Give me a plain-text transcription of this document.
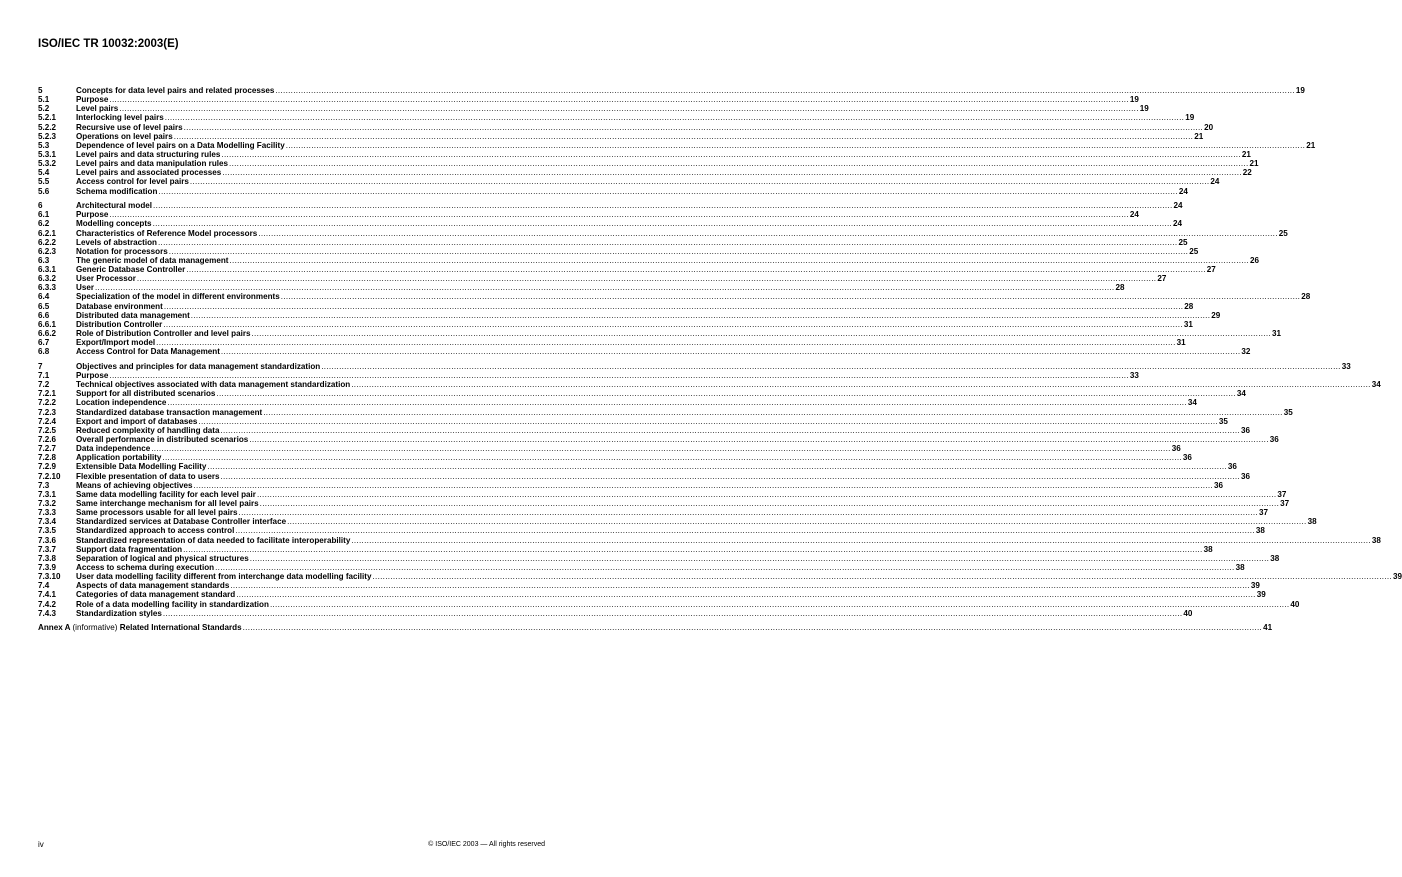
ISO/IEC TR 10032:2003(E)
5	Concepts for data level pairs and related processes ................................................................................................................................................................................................................................................................................................................................................................................................................ 19
5.1	Purpose ................................................................................................................................................................................................................................................................................................................................................................................................................ 19
5.2	Level pairs ................................................................................................................................................................................................................................................................................................................................................................................................................ 19
5.2.1	Interlocking level pairs ................................................................................................................................................................................................................................................................................................................................................................................................................ 19
5.2.2	Recursive use of level pairs ................................................................................................................................................................................................................................................................................................................................................................................................................ 20
5.2.3	Operations on level pairs ................................................................................................................................................................................................................................................................................................................................................................................................................ 21
5.3	Dependence of level pairs on a Data Modelling Facility ................................................................................................................................................................................................................................................................................................................................................................................................................ 21
5.3.1	Level pairs and data structuring rules ................................................................................................................................................................................................................................................................................................................................................................................................................ 21
5.3.2	Level pairs and data manipulation rules ................................................................................................................................................................................................................................................................................................................................................................................................................ 21
5.4	Level pairs and associated processes ................................................................................................................................................................................................................................................................................................................................................................................................................ 22
5.5	Access control for level pairs ................................................................................................................................................................................................................................................................................................................................................................................................................ 24
5.6	Schema modification ................................................................................................................................................................................................................................................................................................................................................................................................................ 24
6	Architectural model ................................................................................................................................................................................................................................................................................................................................................................................................................ 24
6.1	Purpose ................................................................................................................................................................................................................................................................................................................................................................................................................ 24
6.2	Modelling concepts ................................................................................................................................................................................................................................................................................................................................................................................................................ 24
6.2.1	Characteristics of Reference Model processors ................................................................................................................................................................................................................................................................................................................................................................................................................ 25
6.2.2	Levels of abstraction ................................................................................................................................................................................................................................................................................................................................................................................................................ 25
6.2.3	Notation for processors ................................................................................................................................................................................................................................................................................................................................................................................................................ 25
6.3	The generic model of data management ................................................................................................................................................................................................................................................................................................................................................................................................................ 26
6.3.1	Generic Database Controller ................................................................................................................................................................................................................................................................................................................................................................................................................ 27
6.3.2	User Processor ................................................................................................................................................................................................................................................................................................................................................................................................................ 27
6.3.3	User ................................................................................................................................................................................................................................................................................................................................................................................................................ 28
6.4	Specialization of the model in different environments ................................................................................................................................................................................................................................................................................................................................................................................................................ 28
6.5	Database environment ................................................................................................................................................................................................................................................................................................................................................................................................................ 28
6.6	Distributed data management ................................................................................................................................................................................................................................................................................................................................................................................................................ 29
6.6.1	Distribution Controller ................................................................................................................................................................................................................................................................................................................................................................................................................ 31
6.6.2	Role of Distribution Controller and level pairs ................................................................................................................................................................................................................................................................................................................................................................................................................ 31
6.7	Export/Import model ................................................................................................................................................................................................................................................................................................................................................................................................................ 31
6.8	Access Control for Data Management ................................................................................................................................................................................................................................................................................................................................................................................................................ 32
7	Objectives and principles for data management standardization ................................................................................................................................................................................................................................................................................................................................................................................................................ 33
7.1	Purpose ................................................................................................................................................................................................................................................................................................................................................................................................................ 33
7.2	Technical objectives associated with data management standardization ................................................................................................................................................................................................................................................................................................................................................................................................................ 34
7.2.1	Support for all distributed scenarios ................................................................................................................................................................................................................................................................................................................................................................................................................ 34
7.2.2	Location independence ................................................................................................................................................................................................................................................................................................................................................................................................................ 34
7.2.3	Standardized database transaction management ................................................................................................................................................................................................................................................................................................................................................................................................................ 35
7.2.4	Export and import of databases ................................................................................................................................................................................................................................................................................................................................................................................................................ 35
7.2.5	Reduced complexity of handling data ................................................................................................................................................................................................................................................................................................................................................................................................................ 36
7.2.6	Overall performance in distributed scenarios ................................................................................................................................................................................................................................................................................................................................................................................................................ 36
7.2.7	Data independence ................................................................................................................................................................................................................................................................................................................................................................................................................ 36
7.2.8	Application portability ................................................................................................................................................................................................................................................................................................................................................................................................................ 36
7.2.9	Extensible Data Modelling Facility ................................................................................................................................................................................................................................................................................................................................................................................................................ 36
7.2.10	Flexible presentation of data to users ................................................................................................................................................................................................................................................................................................................................................................................................................ 36
7.3	Means of achieving objectives ................................................................................................................................................................................................................................................................................................................................................................................................................ 36
7.3.1	Same data modelling facility for each level pair ................................................................................................................................................................................................................................................................................................................................................................................................................ 37
7.3.2	Same interchange mechanism for all level pairs ................................................................................................................................................................................................................................................................................................................................................................................................................ 37
7.3.3	Same processors usable for all level pairs ................................................................................................................................................................................................................................................................................................................................................................................................................ 37
7.3.4	Standardized services at Database Controller interface ................................................................................................................................................................................................................................................................................................................................................................................................................ 38
7.3.5	Standardized approach to access control ................................................................................................................................................................................................................................................................................................................................................................................................................ 38
7.3.6	Standardized representation of data needed to facilitate interoperability ................................................................................................................................................................................................................................................................................................................................................................................................................ 38
7.3.7	Support data fragmentation ................................................................................................................................................................................................................................................................................................................................................................................................................ 38
7.3.8	Separation of logical and physical structures ................................................................................................................................................................................................................................................................................................................................................................................................................ 38
7.3.9	Access to schema during execution ................................................................................................................................................................................................................................................................................................................................................................................................................ 38
7.3.10	User data modelling facility different from interchange data modelling facility ................................................................................................................................................................................................................................................................................................................................................................................................................ 39
7.4	Aspects of data management standards ................................................................................................................................................................................................................................................................................................................................................................................................................ 39
7.4.1	Categories of data management standard ................................................................................................................................................................................................................................................................................................................................................................................................................ 39
7.4.2	Role of a data modelling facility in standardization ................................................................................................................................................................................................................................................................................................................................................................................................................ 40
7.4.3	Standardization styles ................................................................................................................................................................................................................................................................................................................................................................................................................ 40
Annex A (informative) Related International Standards ................................................................................................................................................................................................................................................................................................................................................................................................................ 41
iv	© ISO/IEC 2003 — All rights reserved
